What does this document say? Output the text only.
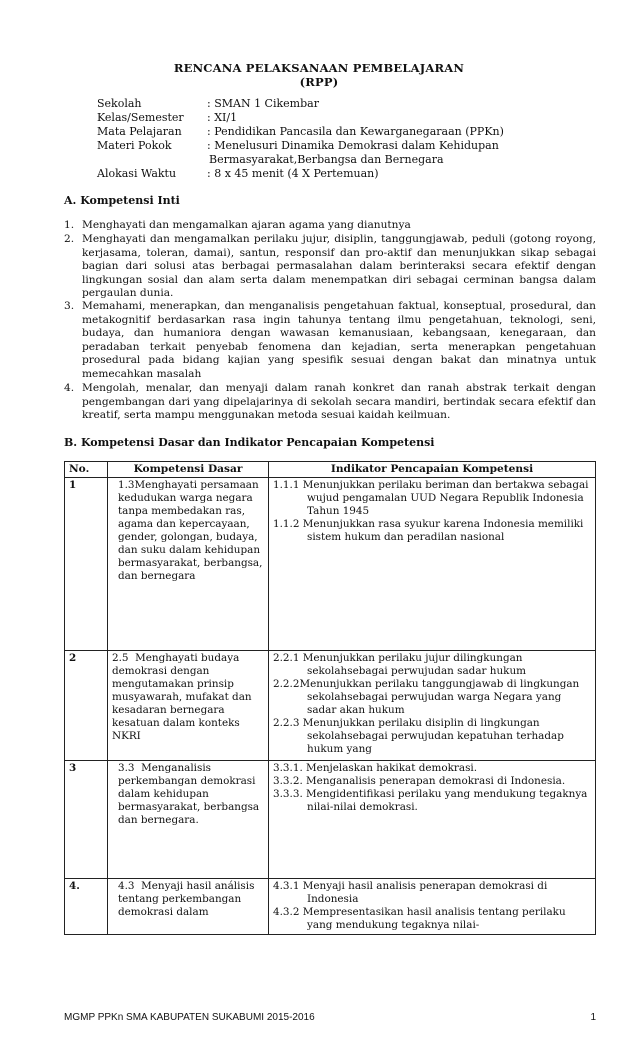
RENCANA PELAKSANAAN PEMBELAJARAN
(RPP)
Sekolah	: SMAN 1 Cikembar
Kelas/Semester	: XI/1
Mata Pelajaran	: Pendidikan Pancasila dan Kewarganegaraan (PPKn)
Materi Pokok	: Menelusuri Dinamika Demokrasi dalam Kehidupan
Bermasyarakat,Berbangsa dan Bernegara
Alokasi Waktu	: 8 x 45 menit (4 X Pertemuan)
A. Kompetensi Inti
1. Menghayati dan mengamalkan ajaran agama yang dianutnya
2. Menghayati dan mengamalkan perilaku jujur, disiplin, tanggungjawab, peduli (gotong royong, kerjasama, toleran, damai), santun, responsif dan pro-aktif dan menunjukkan sikap sebagai bagian dari solusi atas berbagai permasalahan dalam berinteraksi secara efektif dengan lingkungan sosial dan alam serta dalam menempatkan diri sebagai cerminan bangsa dalam pergaulan dunia.
3. Memahami, menerapkan, dan menganalisis pengetahuan faktual, konseptual, prosedural, dan metakognitif berdasarkan rasa ingin tahunya tentang ilmu pengetahuan, teknologi, seni, budaya, dan humaniora dengan wawasan kemanusiaan, kebangsaan, kenegaraan, dan peradaban terkait penyebab fenomena dan kejadian, serta menerapkan pengetahuan prosedural pada bidang kajian yang spesifik sesuai dengan bakat dan minatnya untuk memecahkan masalah
4. Mengolah, menalar, dan menyaji dalam ranah konkret dan ranah abstrak terkait dengan pengembangan dari yang dipelajarinya di sekolah secara mandiri, bertindak secara efektif dan kreatif, serta mampu menggunakan metoda sesuai kaidah keilmuan.
B. Kompetensi Dasar dan Indikator Pencapaian Kompetensi
No.	Kompetensi Dasar	Indikator Pencapaian Kompetensi
1	1.3Menghayati persamaan kedudukan warga negara tanpa membedakan ras, agama dan kepercayaan, gender, golongan, budaya, dan suku dalam kehidupan bermasyarakat, berbangsa, dan bernegara	1.1.1 Menunjukkan perilaku beriman dan bertakwa sebagai wujud pengamalan UUD Negara Republik Indonesia Tahun 1945
1.1.2 Menunjukkan rasa syukur karena Indonesia memiliki sistem hukum dan peradilan nasional

2	2.5 Menghayati budaya demokrasi dengan mengutamakan prinsip musyawarah, mufakat dan kesadaran bernegara kesatuan dalam konteks NKRI	2.2.1 Menunjukkan perilaku jujur dilingkungan sekolahsebagai perwujudan sadar hukum
2.2.2Menunjukkan perilaku tanggungjawab di lingkungan sekolahsebagai perwujudan warga Negara yang sadar akan hukum
2.2.3 Menunjukkan perilaku disiplin di lingkungan sekolahsebagai perwujudan kepatuhan terhadap hukum yang

3	3.3 Menganalisis perkembangan demokrasi dalam kehidupan bermasyarakat, berbangsa dan bernegara.	3.3.1. Menjelaskan hakikat demokrasi.
3.3.2. Menganalisis penerapan demokrasi di Indonesia.
3.3.3. Mengidentifikasi perilaku yang mendukung tegaknya nilai-nilai demokrasi.

4.	4.3 Menyaji hasil análisis tentang perkembangan demokrasi dalam	4.3.1 Menyaji hasil analisis penerapan demokrasi di Indonesia
4.3.2 Mempresentasikan hasil analisis tentang perilaku yang mendukung tegaknya nilai-
MGMP PPKn SMA KABUPATEN SUKABUMI 2015-2016	1
